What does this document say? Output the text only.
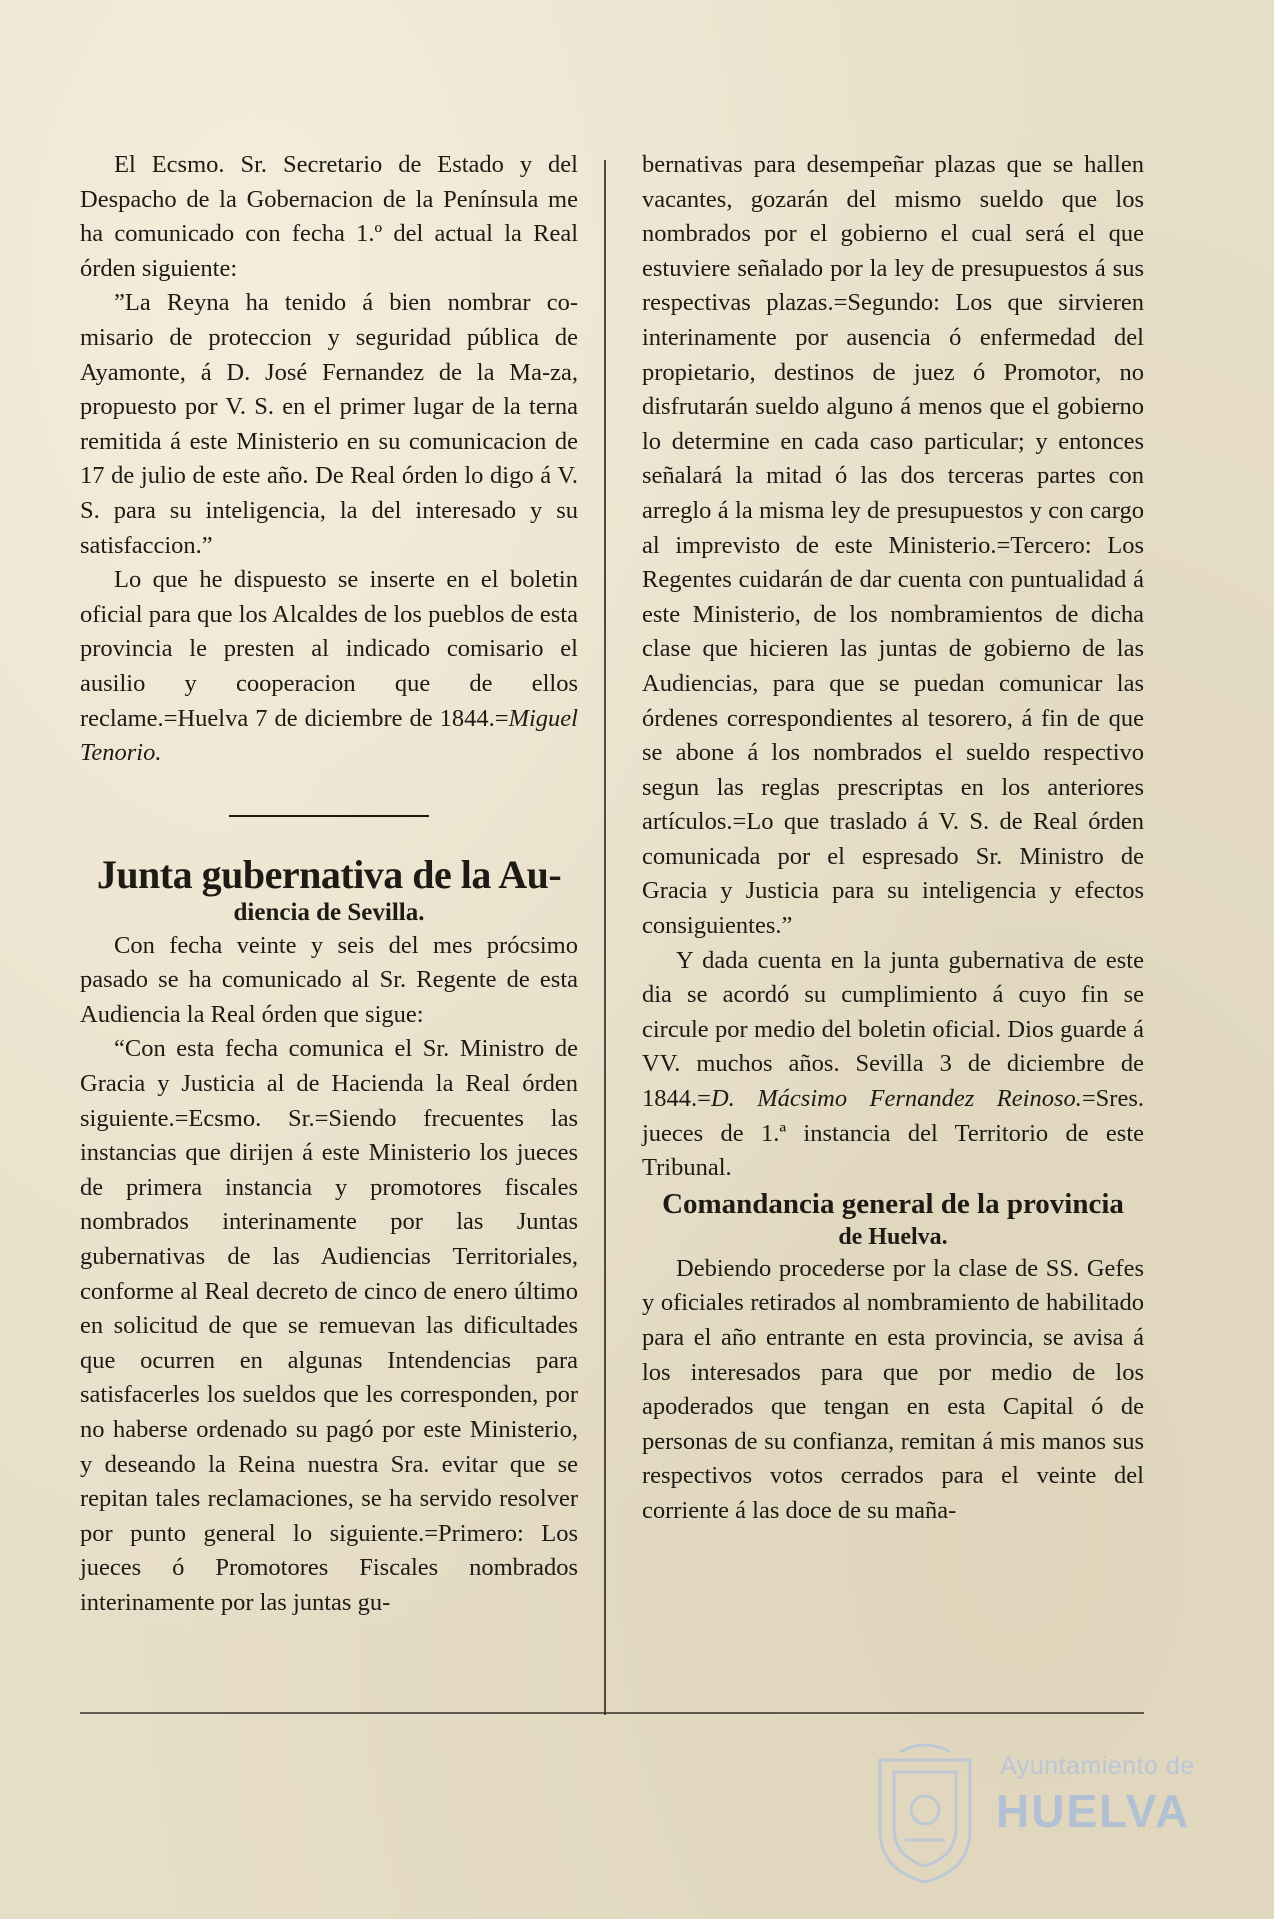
El Ecsmo. Sr. Secretario de Estado y del Despacho de la Gobernacion de la Península me ha comunicado con fecha 1.º del actual la Real órden siguiente:

”La Reyna ha tenido á bien nombrar co-misario de proteccion y seguridad pública de Ayamonte, á D. José Fernandez de la Ma-za, propuesto por V. S. en el primer lugar de la terna remitida á este Ministerio en su comunicacion de 17 de julio de este año. De Real órden lo digo á V. S. para su inteligencia, la del interesado y su satisfaccion.”

Lo que he dispuesto se inserte en el boletin oficial para que los Alcaldes de los pueblos de esta provincia le presten al indicado comisario el ausilio y cooperacion que de ellos reclame.=Huelva 7 de diciembre de 1844.=Miguel Tenorio.

Junta gubernativa de la Au-

diencia de Sevilla.

Con fecha veinte y seis del mes prócsimo pasado se ha comunicado al Sr. Regente de esta Audiencia la Real órden que sigue:

“Con esta fecha comunica el Sr. Ministro de Gracia y Justicia al de Hacienda la Real órden siguiente.=Ecsmo. Sr.=Siendo frecuentes las instancias que dirijen á este Ministerio los jueces de primera instancia y promotores fiscales nombrados interinamente por las Juntas gubernativas de las Audiencias Territoriales, conforme al Real decreto de cinco de enero último en solicitud de que se remuevan las dificultades que ocurren en algunas Intendencias para satisfacerles los sueldos que les corresponden, por no haberse ordenado su pagó por este Ministerio, y deseando la Reina nuestra Sra. evitar que se repitan tales reclamaciones, se ha servido resolver por punto general lo siguiente.=Primero: Los jueces ó Promotores Fiscales nombrados interinamente por las juntas gu-

bernativas para desempeñar plazas que se hallen vacantes, gozarán del mismo sueldo que los nombrados por el gobierno el cual será el que estuviere señalado por la ley de presupuestos á sus respectivas plazas.=Segundo: Los que sirvieren interinamente por ausencia ó enfermedad del propietario, destinos de juez ó Promotor, no disfrutarán sueldo alguno á menos que el gobierno lo determine en cada caso particular; y entonces señalará la mitad ó las dos terceras partes con arreglo á la misma ley de presupuestos y con cargo al imprevisto de este Ministerio.=Tercero: Los Regentes cuidarán de dar cuenta con puntualidad á este Ministerio, de los nombramientos de dicha clase que hicieren las juntas de gobierno de las Audiencias, para que se puedan comunicar las órdenes correspondientes al tesorero, á fin de que se abone á los nombrados el sueldo respectivo segun las reglas prescriptas en los anteriores artículos.=Lo que traslado á V. S. de Real órden comunicada por el espresado Sr. Ministro de Gracia y Justicia para su inteligencia y efectos consiguientes.”

Y dada cuenta en la junta gubernativa de este dia se acordó su cumplimiento á cuyo fin se circule por medio del boletin oficial. Dios guarde á VV. muchos años. Sevilla 3 de diciembre de 1844.=D. Mácsimo Fernandez Reinoso.=Sres. jueces de 1.ª instancia del Territorio de este Tribunal.

Comandancia general de la provincia

de Huelva.

Debiendo procederse por la clase de SS. Gefes y oficiales retirados al nombramiento de habilitado para el año entrante en esta provincia, se avisa á los interesados para que por medio de los apoderados que tengan en esta Capital ó de personas de su confianza, remitan á mis manos sus respectivos votos cerrados para el veinte del corriente á las doce de su maña-

Ayuntamiento de
HUELVA
